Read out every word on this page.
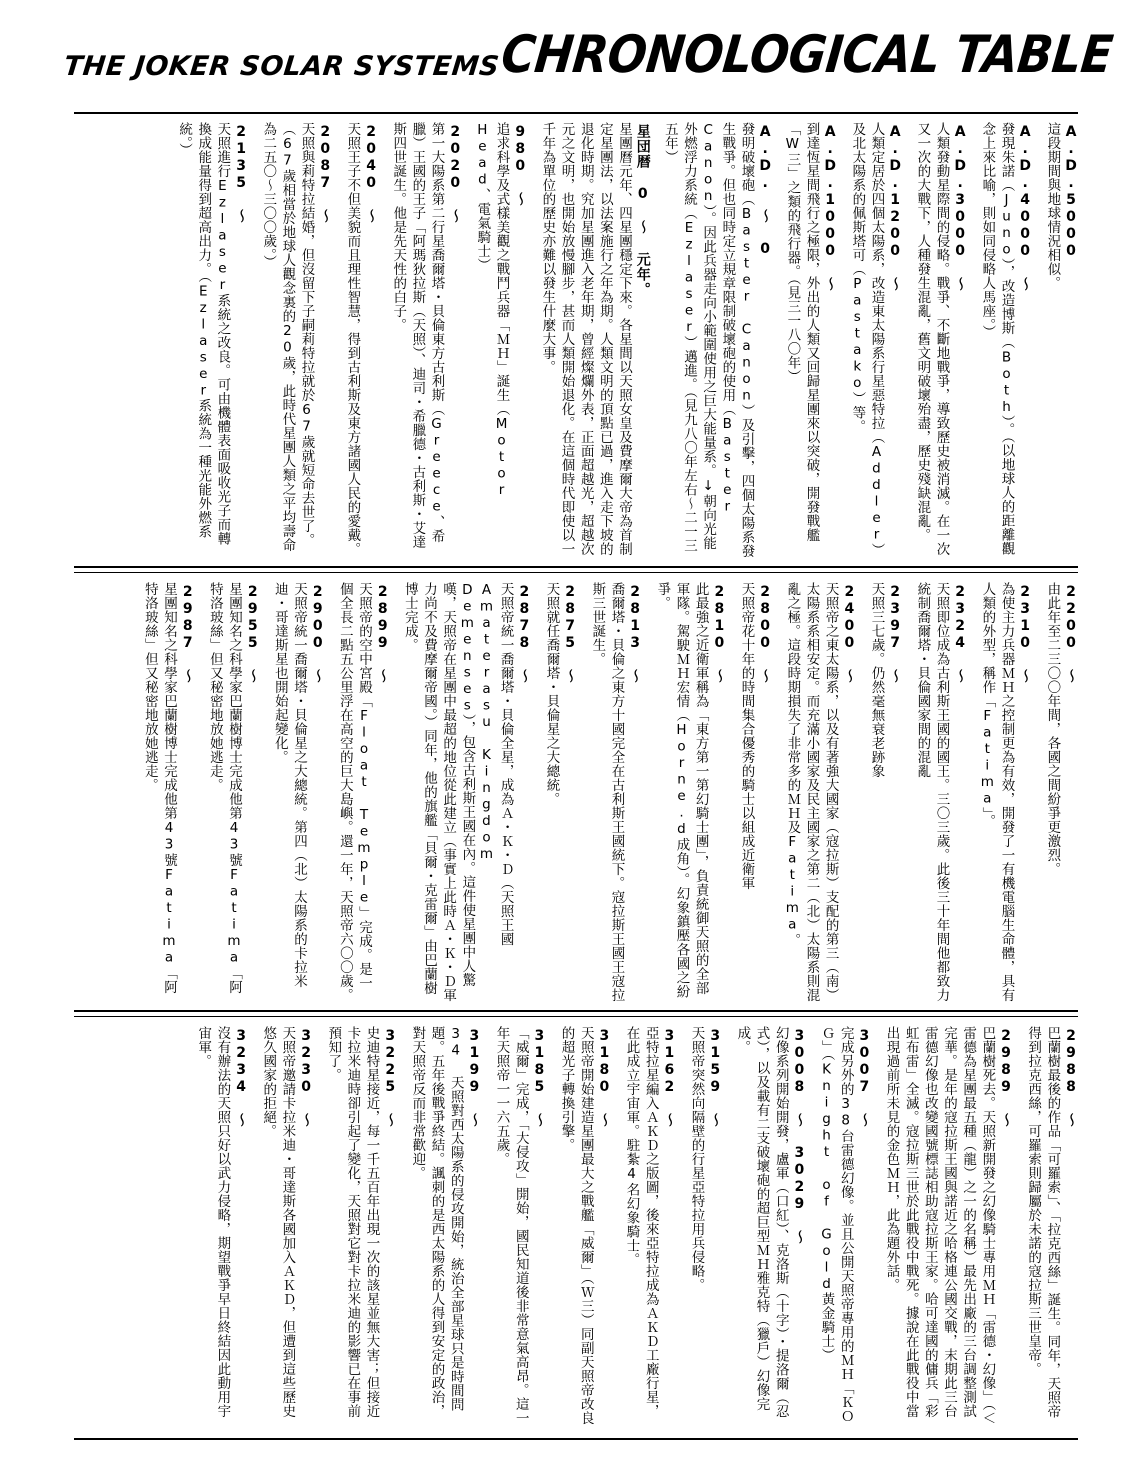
THE JOKER SOLAR SYSTEMS
CHRONOLOGICAL TABLE
A.D.5000
這段期間與地球情況相似。
A.D.4000 〜
發現朱諾（Juno），改造博斯（Both）。（以地球人的距離觀念上來比喻，則如同侵略人馬座。）
A.D.3000 〜
人類發動星際間的侵略。戰爭、不斷地戰爭，導致歷史被消滅。在一次又一次的大戰下，人種發生混亂，舊文明破壞殆盡，歷史殘缺混亂。
A.D.1200 〜
人類定居於四個太陽系，改造東太陽系行星惡特拉（Addler）及北太陽系的佩斯塔可（Pastako）等。
A.D.1000 〜
到達恆星間飛行之極限，外出的人類又回歸星團來以突破，開發戰艦「W三」之類的飛行器。（見三一八〇年）
A.D. 〜 0
發明破壞砲（Baster Canon）及引擊，四個太陽系發生戰爭。但也同時定立規章限制破壞砲的使用（Baster Canon）。因此兵器走向小範圍使用之巨大能量系。↓朝向光能外燃浮力系統（Ezlaser）邁進。（見九八〇年左右〜二一三五年）
星団暦 0 〜 元年。
星團曆元年、四星團穩定下來。各星間以天照女皇及費摩爾大帝為首制定星團法，以法案施行之年為期。人類文明的頂點已過，進入走下坡的退化時期。究加星團進入老年期，曾經燦爛外表，正面超越光，超越次元之文明，也開始放慢腳步，甚而人類開始退化。在這個時代即使以一千年為單位的歷史亦難以發生什麼大事。
980 〜
追求科學及式樣美觀之戰鬥兵器「ＭＨ」誕生（Motor Head、電氣騎士）
2020 〜
第一大陽系第二行星喬爾塔・貝倫東方古利斯（Greece、希臘）王國的王子「阿瑪狄拉斯（天照）、迪司・希臘德・古利斯・艾達斯四世誕生。他是先天性的白子。
2040 〜
天照王子不但美貌而且理性智慧，得到古利斯及東方諸國人民的愛戴。
2087 〜
天照與莉特拉結婚，但沒留下子嗣莉特拉就於67歲就短命去世了。（67歲相當於地球人觀念裏的20歲，此時代星團人類之平均壽命為二五〇〜三〇〇歲。）
2135 〜
天照進行Ezlaser系統之改良。可由機體表面吸收光子而轉換成能量得到超高出力。（Ezlaser系統為一種光能外燃系統。）
2200 〜
由此年至二三〇〇年間，各國之間紛爭更激烈。
2310 〜
為使主力兵器ＭＨ之控制更為有效，開發了一有機電腦生命體，具有人類的外型，稱作「Fatima」。
2324 〜
天照即位成為古利斯王國的國王。三〇三歲。此後三十年間他都致力統制喬爾塔・貝倫國家間的混亂
2397 〜
天照三七歲。仍然毫無衰老跡象
2400 〜
天照帝之東太陽系，以及有著強大國家（寇拉斯）支配的第三（南）太陽系系相安定。而充滿小國家及民主國家之第二（北）太陽系則混亂之極。這段時期損失了非常多的ＭＨ及Fatima。
2800 〜
天照帝花十年的時間集合優秀的騎士以組成近衛軍
2810 〜
此最強之近衛軍稱為「東方第一第幻騎士團」，負責統御天照的全部軍隊。駕駛ＭＨ宏情（Horne.d成角）。幻象鎮壓各國之紛爭。
2813 〜
喬爾塔・貝倫之東方十國完全在古利斯王國統下。寇拉斯王國王寇拉斯三世誕生。
2875 〜
天照就任喬爾塔・貝倫星之大總統。
2878 〜
天照帝統一喬爾塔・貝倫全星，成為Ａ・Ｋ・Ｄ（天照王國Amaterasu Kingdom Demenses），包含古利斯王國在內。這件使星團中人驚嘆，天照帝在星團中最超的地位從此建立（事實上此時Ａ・Ｋ・Ｄ軍力尚不及費摩爾帝國。）同年，他的旗艦「貝爾・克雷爾」由巴蘭樹博士完成。
2899 〜
天照帝的空中宮殿「Float Temple」完成。是一個全長二點五公里浮在高空的巨大島嶼。還一年，天照帝六〇〇歲。
2900 〜
天照帝統一喬爾塔・貝倫星之大總統。第四（北）太陽系的卡拉米迪・哥達斯星也開始起變化。
2955 〜
星團知名之科學家巴蘭樹博士完成他第43號Fatima「阿特洛玻絲」但又秘密地放她逃走。
2987 〜
星團知名之科學家巴蘭樹博士完成他第43號Fatima「阿特洛玻絲」但又秘密地放她逃走。
2988 〜
巴蘭樹最後的作品「可羅索」、「拉克西絲」誕生。同年，天照帝得到拉克西絲，可羅索則歸屬於未諾的寇拉斯三世皇帝。
2989 〜
巴蘭樹死去。天照新開發之幻像騎士專用ＭＨ「雷德・幻像」（＜雷德為星團最五種（龍）之一的名稱）最先出廠的三台調整測試完華。是年的寇拉斯王國與諾近之哈格連公國交戰，末期此三台雷德幻像也改變國號標誌相助寇拉斯王家。哈可達國的傭兵「彩虹布雷」全滅。寇拉斯三世於此戰役中戰死。據說在此戰役中當出現過前所未見的金色ＭＨ，此為題外話。
3007 〜
完成另外的38台雷德幻像。並且公開天照帝專用的ＭＨ「ＫＯＧ」（Knight of Gold黃金騎士）
3008 〜 3029 〜
幻像系列開始開發，盧軍（口紅）、克洛斯（十字）・提洛爾（忍式），以及載有二支破壞砲的超巨型ＭＨ雅克特（獵戶）幻像完成。
3159 〜
天照帝突然向隔壁的行星亞特拉用兵侵略。
3162 〜
亞特拉星編入ＡＫＤ之版圖，後來亞特拉成為ＡＫＤ工廠行星，在此成立宇宙軍。駐紮4名幻象騎士。
3180 〜
天照帝開始建造星團最大之戰艦「威爾」（Ｗ三）同副天照帝改良的超光子轉換引擎。
3185 〜
「威爾」完成，「大侵攻」開始，國民知道後非常意氣高昂。這一年天照帝一一六五歲。
3199 〜
34 天照對西太陽系的侵攻開始，統治全部星球只是時間問題。五年後戰爭終結。諷刺的是西太陽系的人得到安定的政治，對天照帝反而非常歡迎。
3225 〜
史迪特星接近，每一千五百年出現一次的該星並無大害；但接近卡拉米迪時卻引起了變化，天照對它對卡拉米迪的影響已在事前預知了。
3230 〜
天照帝邀請卡拉米迪・哥達斯各國加入ＡＫＤ，但遭到這些歷史悠久國家的拒絕。
3234 〜
沒有辦法的天照只好以武力侵略，期望戰爭早日終結因此動用宇宙軍。
